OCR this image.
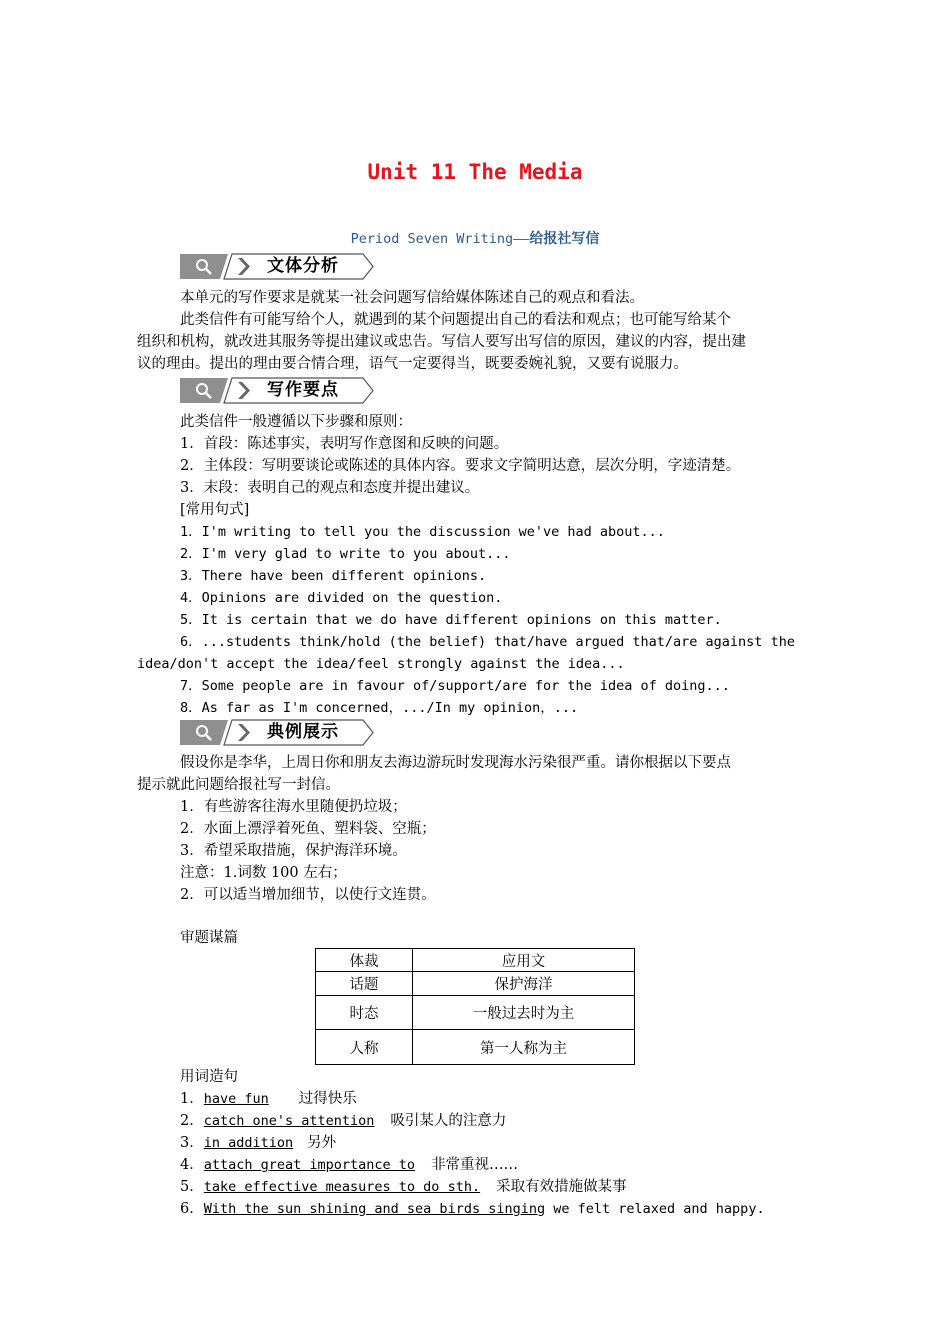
Unit 11 The Media
Period Seven Writing——给报社写信
文体分析
本单元的写作要求是就某一社会问题写信给媒体陈述自己的观点和看法。
此类信件有可能写给个人，就遇到的某个问题提出自己的看法和观点；也可能写给某个
组织和机构，就改进其服务等提出建议或忠告。写信人要写出写信的原因，建议的内容，提出建
议的理由。提出的理由要合情合理，语气一定要得当，既要委婉礼貌，又要有说服力。
写作要点
此类信件一般遵循以下步骤和原则：
1．首段：陈述事实，表明写作意图和反映的问题。
2．主体段：写明要谈论或陈述的具体内容。要求文字简明达意，层次分明，字迹清楚。
3．末段：表明自己的观点和态度并提出建议。
[常用句式]
1．I'm writing to tell you the discussion we've had about...
2．I'm very glad to write to you about...
3．There have been different opinions.
4．Opinions are divided on the question.
5．It is certain that we do have different opinions on this matter.
6．...students think/hold (the belief) that/have argued that/are against the
idea/don't accept the idea/feel strongly against the idea...
7．Some people are in favour of/support/are for the idea of doing...
8．As far as I'm concerned，.../In my opinion，...
典例展示
假设你是李华，上周日你和朋友去海边游玩时发现海水污染很严重。请你根据以下要点
提示就此问题给报社写一封信。
1．有些游客往海水里随便扔垃圾；
2．水面上漂浮着死鱼、塑料袋、空瓶；
3．希望采取措施，保护海洋环境。
注意：1.词数 100 左右；
2．可以适当增加细节，以使行文连贯。
审题谋篇
体裁	应用文
话题	保护海洋
时态	一般过去时为主
人称	第一人称为主
用词造句
1．have fun 过得快乐
2．catch one's attention 吸引某人的注意力
3．in addition 另外
4．attach great importance to 非常重视……
5．take effective measures to do sth. 采取有效措施做某事
6．With the sun shining and sea birds singing we felt relaxed and happy.
